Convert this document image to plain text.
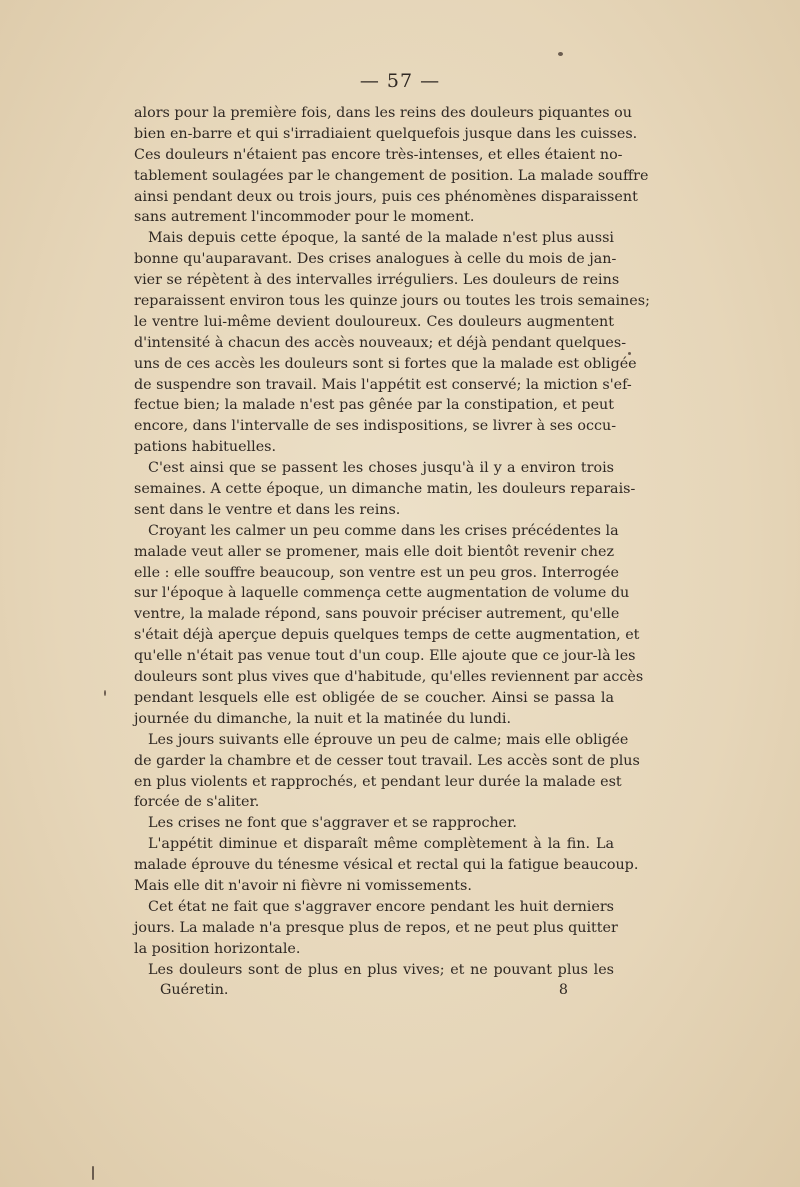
— 57 —
alors pour la première fois, dans les reins des douleurs piquantes ou
bien en-barre et qui s'irradiaient quelquefois jusque dans les cuisses.
Ces douleurs n'étaient pas encore très-intenses, et elles étaient no-
tablement soulagées par le changement de position. La malade souffre
ainsi pendant deux ou trois jours, puis ces phénomènes disparaissent
sans autrement l'incommoder pour le moment.
Mais depuis cette époque, la santé de la malade n'est plus aussi
bonne qu'auparavant. Des crises analogues à celle du mois de jan-
vier se répètent à des intervalles irréguliers. Les douleurs de reins
reparaissent environ tous les quinze jours ou toutes les trois semaines;
le ventre lui-même devient douloureux. Ces douleurs augmentent
d'intensité à chacun des accès nouveaux; et déjà pendant quelques-
uns de ces accès les douleurs sont si fortes que la malade est obligée
de suspendre son travail. Mais l'appétit est conservé; la miction s'ef-
fectue bien; la malade n'est pas gênée par la constipation, et peut
encore, dans l'intervalle de ses indispositions, se livrer à ses occu-
pations habituelles.
C'est ainsi que se passent les choses jusqu'à il y a environ trois
semaines. A cette époque, un dimanche matin, les douleurs reparais-
sent dans le ventre et dans les reins.
Croyant les calmer un peu comme dans les crises précédentes la
malade veut aller se promener, mais elle doit bientôt revenir chez
elle : elle souffre beaucoup, son ventre est un peu gros. Interrogée
sur l'époque à laquelle commença cette augmentation de volume du
ventre, la malade répond, sans pouvoir préciser autrement, qu'elle
s'était déjà aperçue depuis quelques temps de cette augmentation, et
qu'elle n'était pas venue tout d'un coup. Elle ajoute que ce jour-là les
douleurs sont plus vives que d'habitude, qu'elles reviennent par accès
pendant lesquels elle est obligée de se coucher. Ainsi se passa la
journée du dimanche, la nuit et la matinée du lundi.
Les jours suivants elle éprouve un peu de calme; mais elle obligée
de garder la chambre et de cesser tout travail. Les accès sont de plus
en plus violents et rapprochés, et pendant leur durée la malade est
forcée de s'aliter.
Les crises ne font que s'aggraver et se rapprocher.
L'appétit diminue et disparaît même complètement à la fin. La
malade éprouve du ténesme vésical et rectal qui la fatigue beaucoup.
Mais elle dit n'avoir ni fièvre ni vomissements.
Cet état ne fait que s'aggraver encore pendant les huit derniers
jours. La malade n'a presque plus de repos, et ne peut plus quitter
la position horizontale.
Les douleurs sont de plus en plus vives; et ne pouvant plus les
Guéretin.	8
